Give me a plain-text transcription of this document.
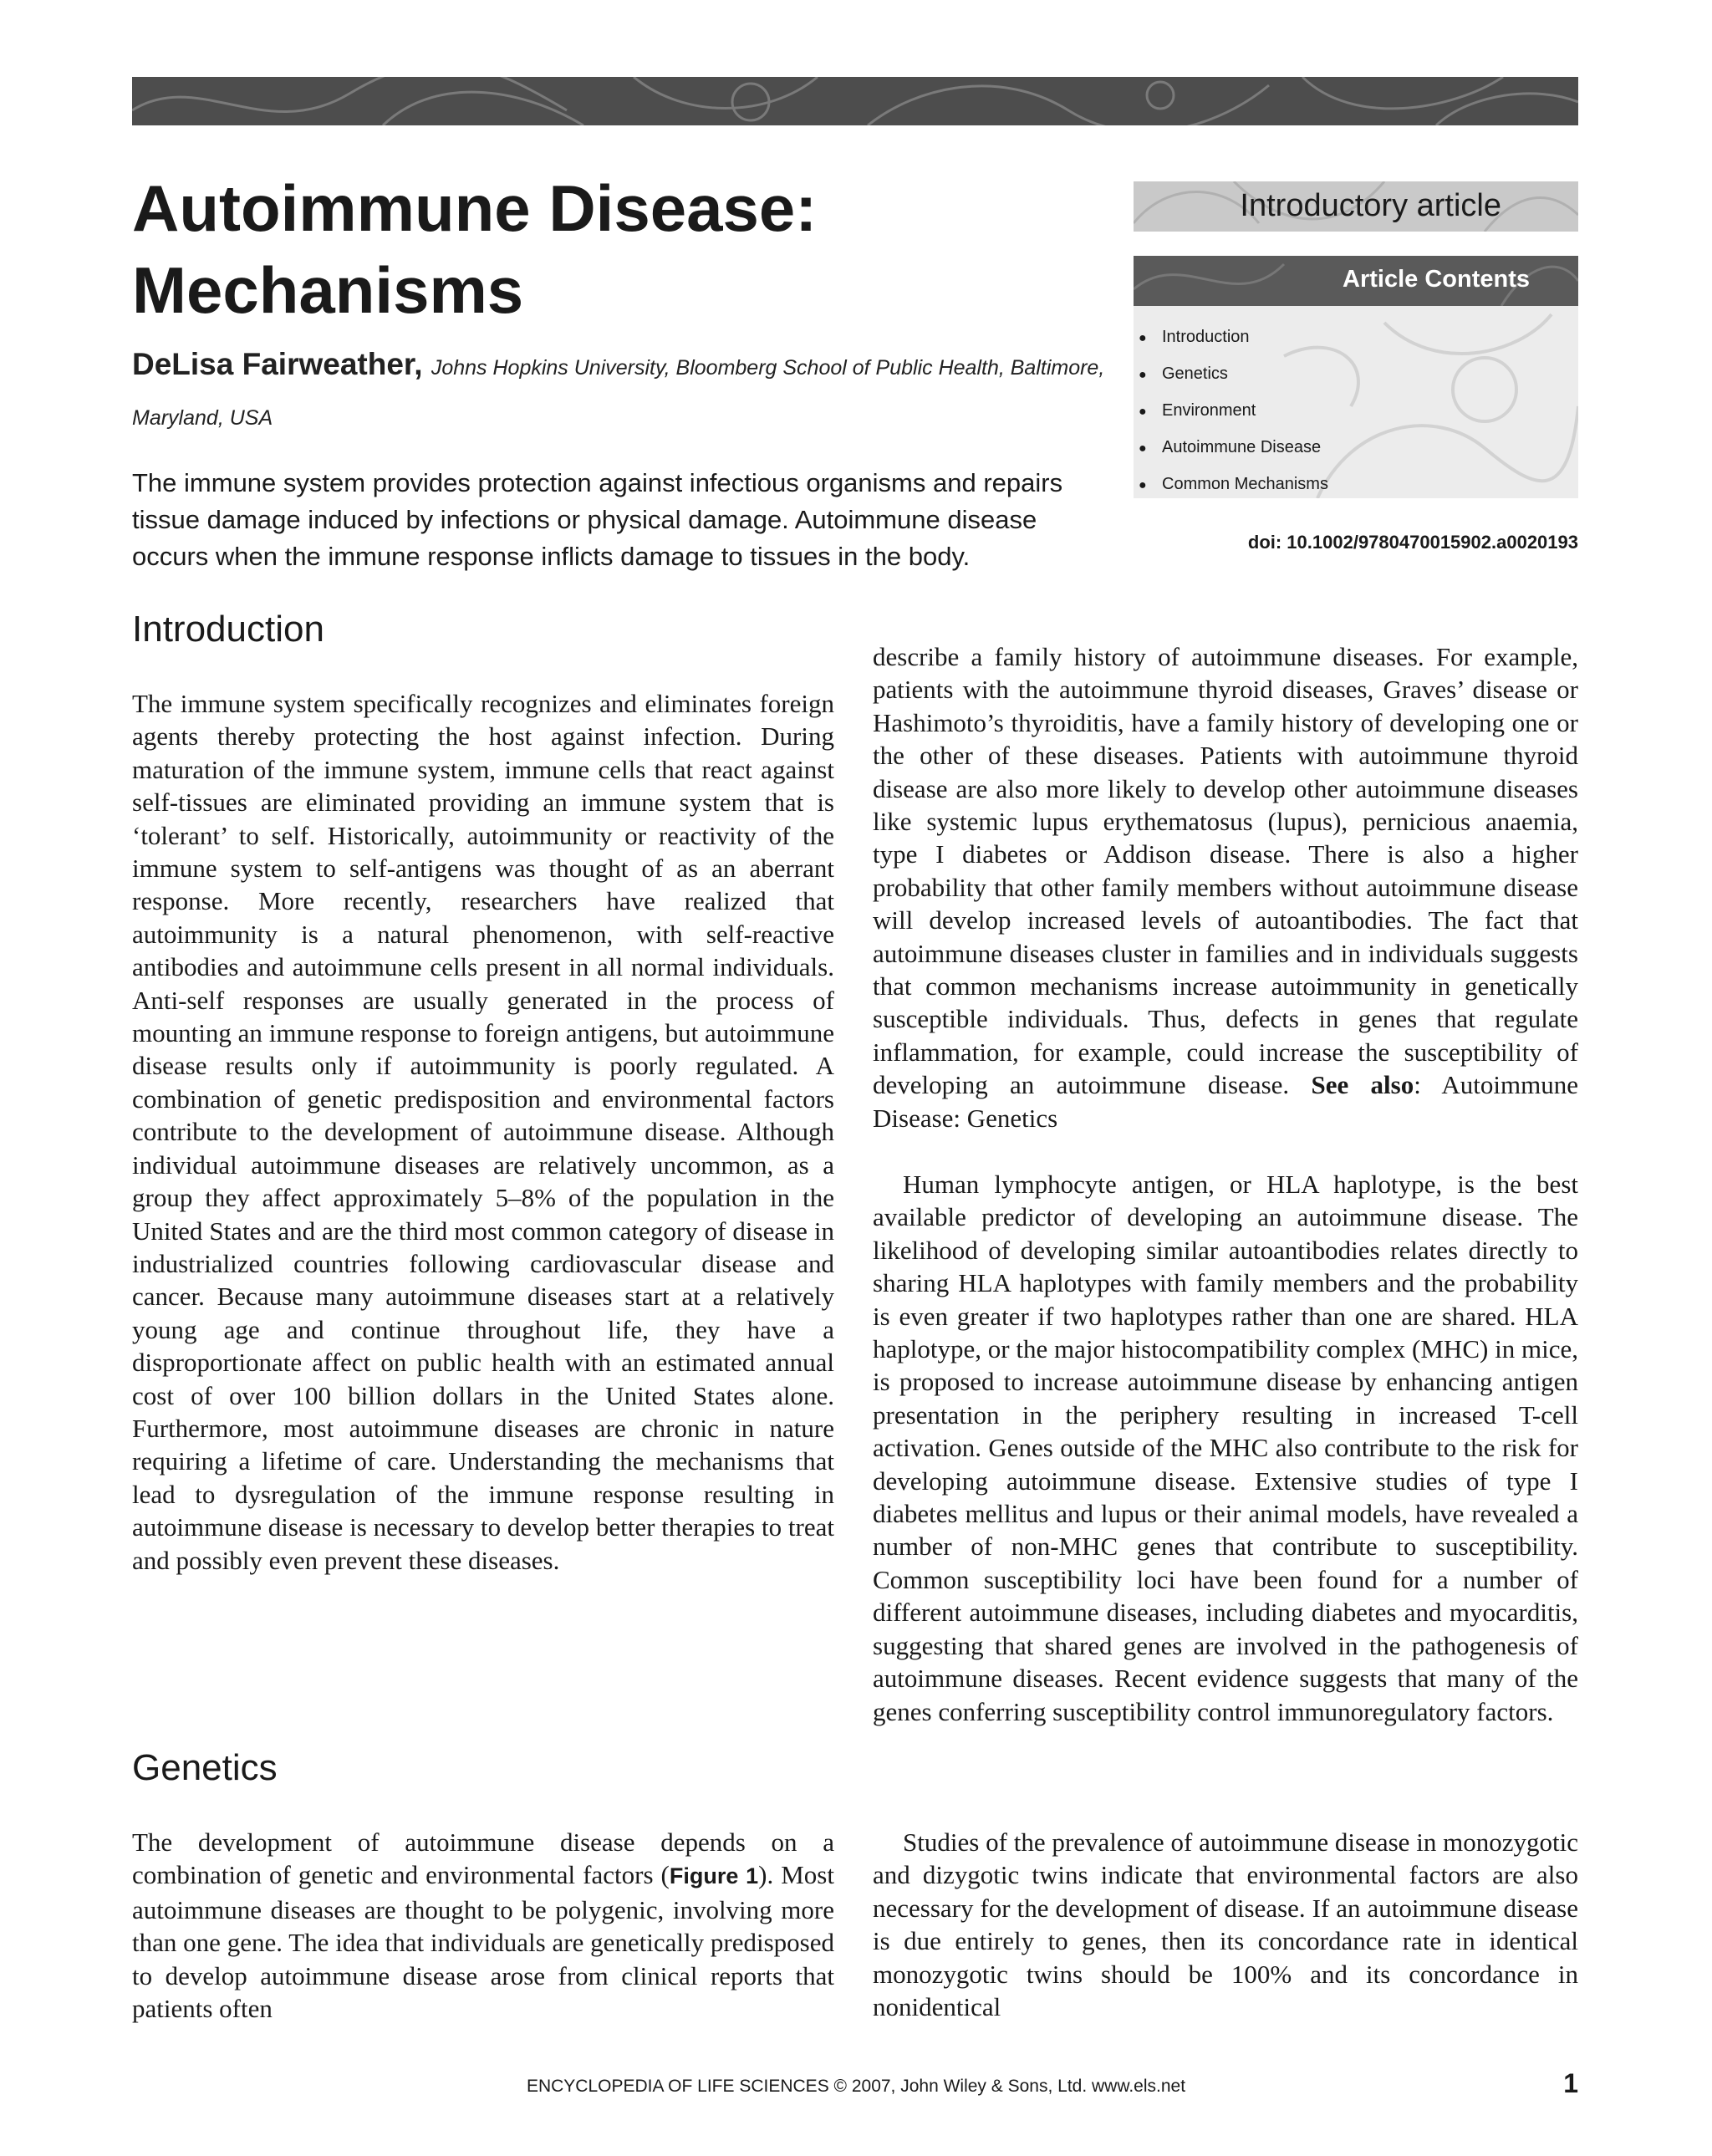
Autoimmune Disease:
Mechanisms
DeLisa Fairweather, Johns Hopkins University, Bloomberg School of Public Health, Baltimore, Maryland, USA

The immune system provides protection against infectious organisms and repairs tissue damage induced by infections or physical damage. Autoimmune disease occurs when the immune response inflicts damage to tissues in the body.

Introductory article
Article Contents
● Introduction
● Genetics
● Environment
● Autoimmune Disease
● Common Mechanisms
doi: 10.1002/9780470015902.a0020193
Introduction

The immune system specifically recognizes and eliminates foreign agents thereby protecting the host against infection. During maturation of the immune system, immune cells that react against self-tissues are eliminated providing an immune system that is ‘tolerant’ to self. Historically, autoimmunity or reactivity of the immune system to self-antigens was thought of as an aberrant response. More recently, researchers have realized that autoimmunity is a natural phenomenon, with self-reactive antibodies and autoimmune cells present in all normal individuals. Anti-self responses are usually generated in the process of mounting an immune response to foreign antigens, but autoimmune disease results only if autoimmunity is poorly regulated. A combination of genetic predisposition and environmental factors contribute to the development of autoimmune disease. Although individual autoimmune diseases are relatively uncommon, as a group they affect approximately 5–8% of the population in the United States and are the third most common category of disease in industrialized countries following cardiovascular disease and cancer. Because many autoimmune diseases start at a relatively young age and continue throughout life, they have a disproportionate affect on public health with an estimated annual cost of over 100 billion dollars in the United States alone. Furthermore, most autoimmune diseases are chronic in nature requiring a lifetime of care. Understanding the mechanisms that lead to dysregulation of the immune response resulting in autoimmune disease is necessary to develop better therapies to treat and possibly even prevent these diseases.

Genetics

The development of autoimmune disease depends on a combination of genetic and environmental factors (Figure 1). Most autoimmune diseases are thought to be polygenic, involving more than one gene. The idea that individuals are genetically predisposed to develop autoimmune disease arose from clinical reports that patients often

describe a family history of autoimmune diseases. For example, patients with the autoimmune thyroid diseases, Graves’ disease or Hashimoto’s thyroiditis, have a family history of developing one or the other of these diseases. Patients with autoimmune thyroid disease are also more likely to develop other autoimmune diseases like systemic lupus erythematosus (lupus), pernicious anaemia, type I diabetes or Addison disease. There is also a higher probability that other family members without autoimmune disease will develop increased levels of autoantibodies. The fact that autoimmune diseases cluster in families and in individuals suggests that common mechanisms increase autoimmunity in genetically susceptible individuals. Thus, defects in genes that regulate inflammation, for example, could increase the susceptibility of developing an autoimmune disease. See also: Autoimmune Disease: Genetics

Human lymphocyte antigen, or HLA haplotype, is the best available predictor of developing an autoimmune disease. The likelihood of developing similar autoantibodies relates directly to sharing HLA haplotypes with family members and the probability is even greater if two haplotypes rather than one are shared. HLA haplotype, or the major histocompatibility complex (MHC) in mice, is proposed to increase autoimmune disease by enhancing antigen presentation in the periphery resulting in increased T-cell activation. Genes outside of the MHC also contribute to the risk for developing autoimmune disease. Extensive studies of type I diabetes mellitus and lupus or their animal models, have revealed a number of non-MHC genes that contribute to susceptibility. Common susceptibility loci have been found for a number of different autoimmune diseases, including diabetes and myocarditis, suggesting that shared genes are involved in the pathogenesis of autoimmune diseases. Recent evidence suggests that many of the genes conferring susceptibility control immunoregulatory factors.

Studies of the prevalence of autoimmune disease in monozygotic and dizygotic twins indicate that environmental factors are also necessary for the development of disease. If an autoimmune disease is due entirely to genes, then its concordance rate in identical monozygotic twins should be 100% and its concordance in nonidentical

ENCYCLOPEDIA OF LIFE SCIENCES © 2007, John Wiley & Sons, Ltd. www.els.net	1
